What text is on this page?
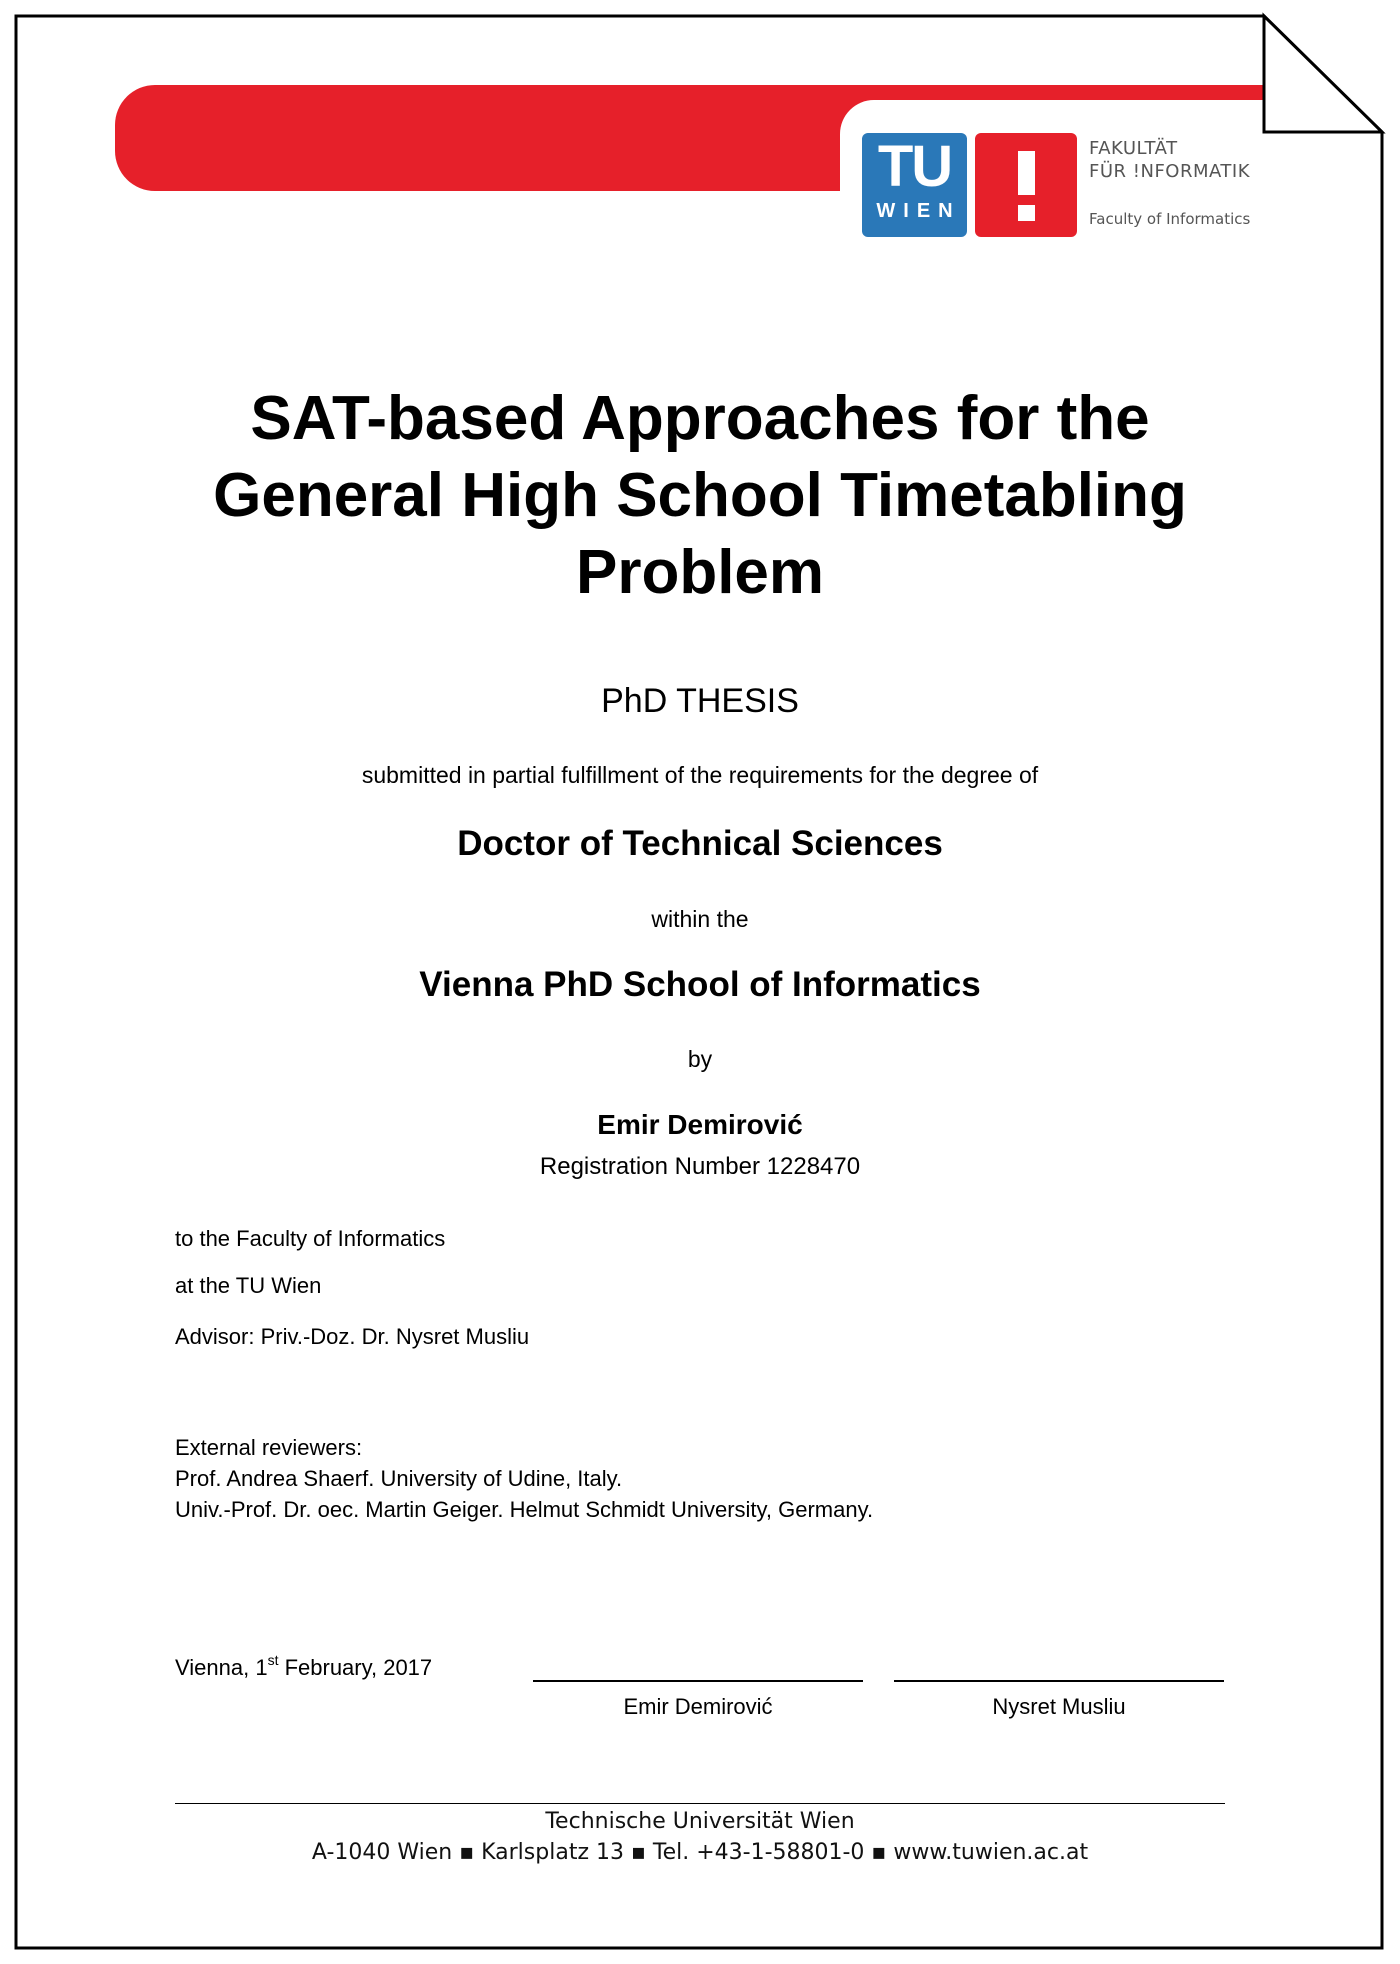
TU
WIEN
FAKULTÄT
FÜR !NFORMATIK
Faculty of Informatics
SAT-based Approaches for the General High School Timetabling Problem
PhD THESIS
submitted in partial fulfillment of the requirements for the degree of
Doctor of Technical Sciences
within the
Vienna PhD School of Informatics
by
Emir Demirović
Registration Number 1228470
to the Faculty of Informatics
at the TU Wien
Advisor: Priv.-Doz. Dr. Nysret Musliu
External reviewers:
Prof. Andrea Shaerf. University of Udine, Italy.
Univ.-Prof. Dr. oec. Martin Geiger. Helmut Schmidt University, Germany.
Vienna, 1st February, 2017
Emir Demirović	Nysret Musliu
Technische Universität Wien
A-1040 Wien ▪ Karlsplatz 13 ▪ Tel. +43-1-58801-0 ▪ www.tuwien.ac.at
